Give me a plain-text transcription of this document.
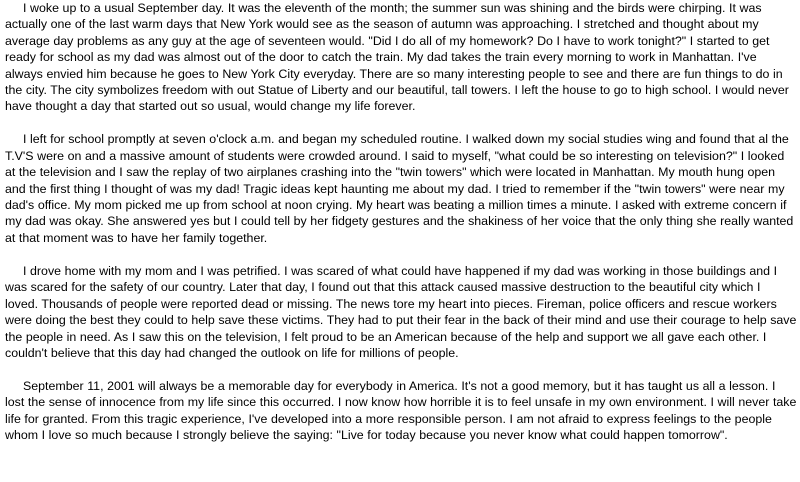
I woke up to a usual September day. It was the eleventh of the month; the summer sun was shining and the birds were chirping. It was actually one of the last warm days that New York would see as the season of autumn was approaching. I stretched and thought about my average day problems as any guy at the age of seventeen would. "Did I do all of my homework? Do I have to work tonight?" I started to get ready for school as my dad was almost out of the door to catch the train. My dad takes the train every morning to work in Manhattan. I've always envied him because he goes to New York City everyday. There are so many interesting people to see and there are fun things to do in the city. The city symbolizes freedom with out Statue of Liberty and our beautiful, tall towers. I left the house to go to high school. I would never have thought a day that started out so usual, would change my life forever.

I left for school promptly at seven o'clock a.m. and began my scheduled routine. I walked down my social studies wing and found that al the T.V'S were on and a massive amount of students were crowded around. I said to myself, "what could be so interesting on television?" I looked at the television and I saw the replay of two airplanes crashing into the "twin towers" which were located in Manhattan. My mouth hung open and the first thing I thought of was my dad! Tragic ideas kept haunting me about my dad. I tried to remember if the "twin towers" were near my dad's office. My mom picked me up from school at noon crying. My heart was beating a million times a minute. I asked with extreme concern if my dad was okay. She answered yes but I could tell by her fidgety gestures and the shakiness of her voice that the only thing she really wanted at that moment was to have her family together.

I drove home with my mom and I was petrified. I was scared of what could have happened if my dad was working in those buildings and I was scared for the safety of our country. Later that day, I found out that this attack caused massive destruction to the beautiful city which I loved. Thousands of people were reported dead or missing. The news tore my heart into pieces. Fireman, police officers and rescue workers were doing the best they could to help save these victims. They had to put their fear in the back of their mind and use their courage to help save the people in need. As I saw this on the television, I felt proud to be an American because of the help and support we all gave each other. I couldn't believe that this day had changed the outlook on life for millions of people.

September 11, 2001 will always be a memorable day for everybody in America. It's not a good memory, but it has taught us all a lesson. I lost the sense of innocence from my life since this occurred. I now know how horrible it is to feel unsafe in my own environment. I will never take life for granted. From this tragic experience, I've developed into a more responsible person. I am not afraid to express feelings to the people whom I love so much because I strongly believe the saying: "Live for today because you never know what could happen tomorrow".
